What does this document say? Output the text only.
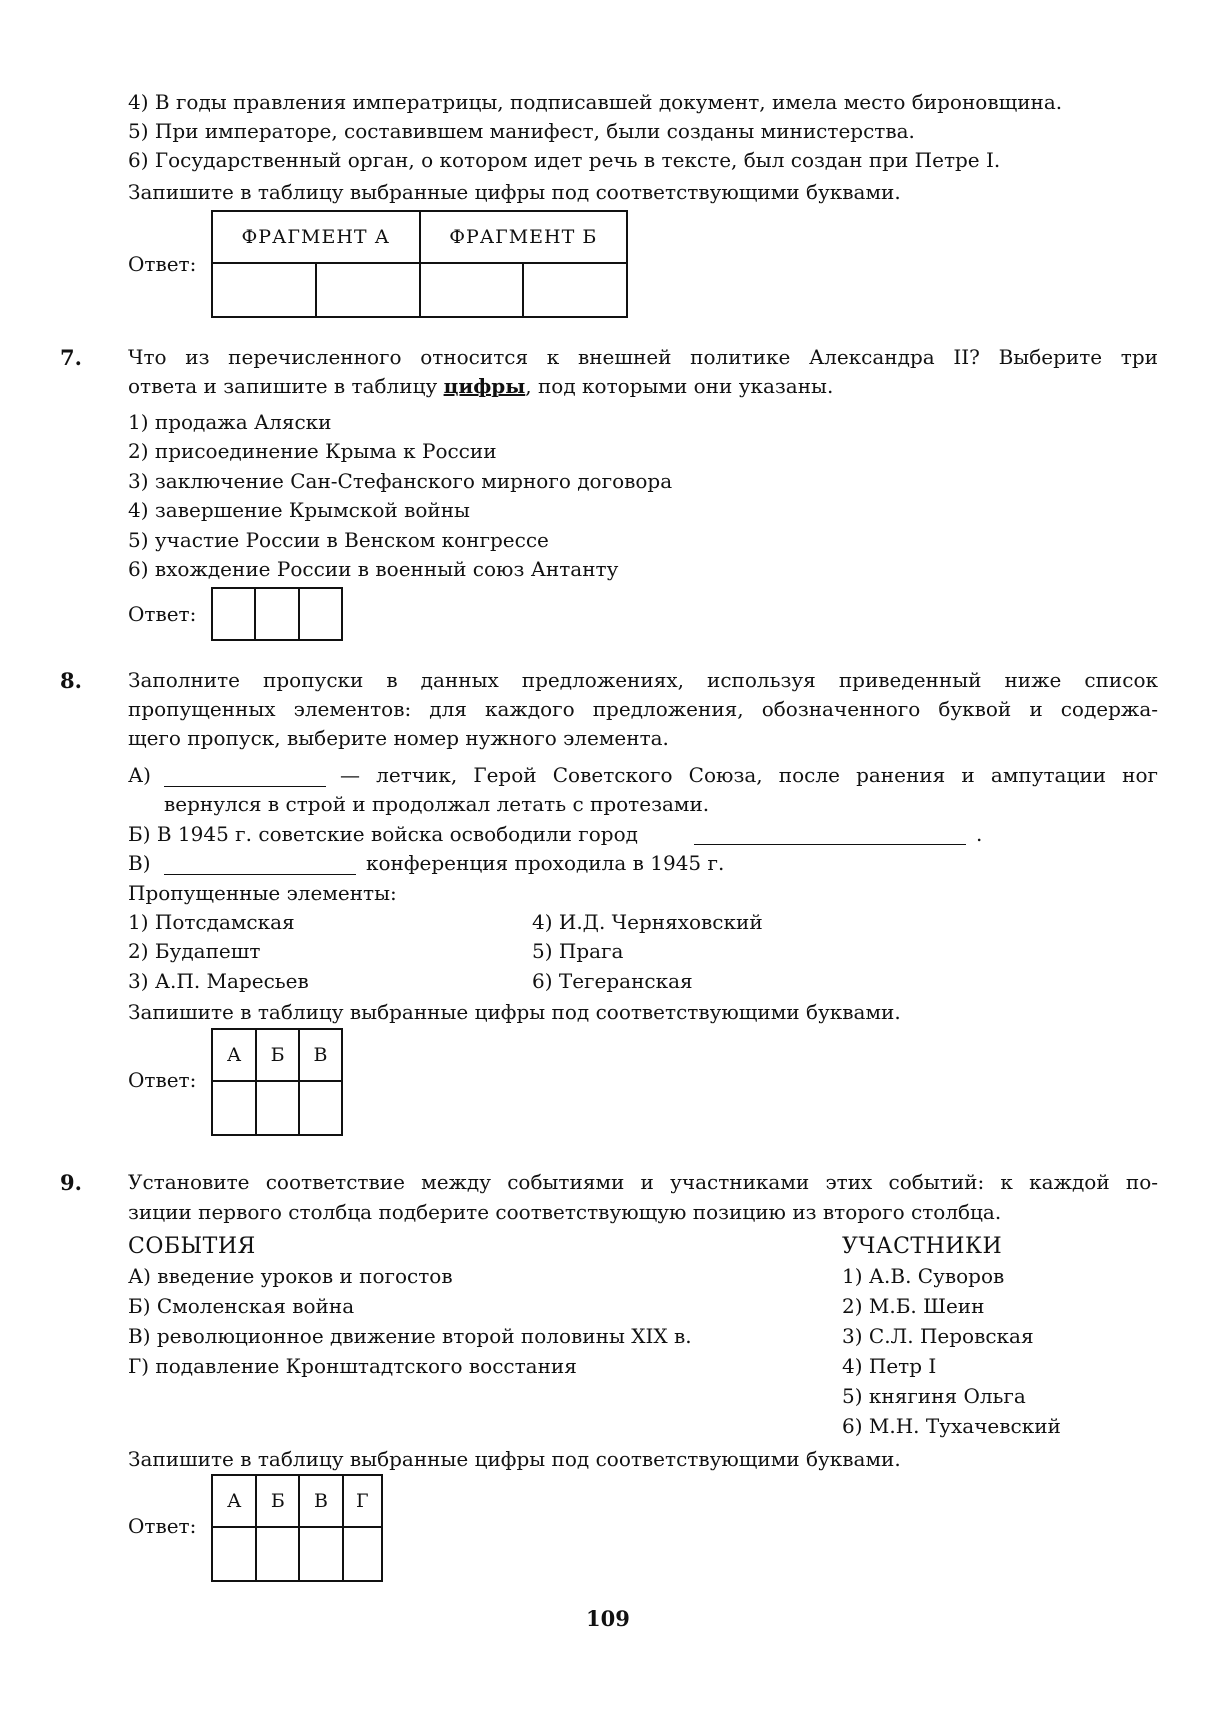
4) В годы правления императрицы, подписавшей документ, имела место бироновщина.
5) При императоре, составившем манифест, были созданы министерства.
6) Государственный орган, о котором идет речь в тексте, был создан при Петре I.
Запишите в таблицу выбранные цифры под соответствующими буквами.
Ответ:
ФРАГМЕНТ А		ФРАГМЕНТ Б	

7. Что из перечисленного относится к внешней политике Александра II? Выберите три
ответа и запишите в таблицу цифры, под которыми они указаны.
1) продажа Аляски
2) присоединение Крыма к России
3) заключение Сан-Стефанского мирного договора
4) завершение Крымской войны
5) участие России в Венском конгрессе
6) вхождение России в военный союз Антанту
Ответ:

8. Заполните пропуски в данных предложениях, используя приведенный ниже список
пропущенных элементов: для каждого предложения, обозначенного буквой и содержа-
щего пропуск, выберите номер нужного элемента.
А)	— летчик, Герой Советского Союза, после ранения и ампутации ног
вернулся в строй и продолжал летать с протезами.
Б) В 1945 г. советские войска освободили город	.
В)	конференция проходила в 1945 г.
Пропущенные элементы:
1) Потсдамская
2) Будапешт
3) А.П. Маресьев
4) И.Д. Черняховский
5) Прага
6) Тегеранская
Запишите в таблицу выбранные цифры под соответствующими буквами.
Ответ:
А	Б	В

9. Установите соответствие между событиями и участниками этих событий: к каждой по-
зиции первого столбца подберите соответствующую позицию из второго столбца.
СОБЫТИЯ
А) введение уроков и погостов
Б) Смоленская война
В) революционное движение второй половины XIX в.
Г) подавление Кронштадтского восстания
УЧАСТНИКИ
1) А.В. Суворов
2) М.Б. Шеин
3) С.Л. Перовская
4) Петр I
5) княгиня Ольга
6) М.Н. Тухачевский
Запишите в таблицу выбранные цифры под соответствующими буквами.
Ответ:
А	Б	В	Г

109
